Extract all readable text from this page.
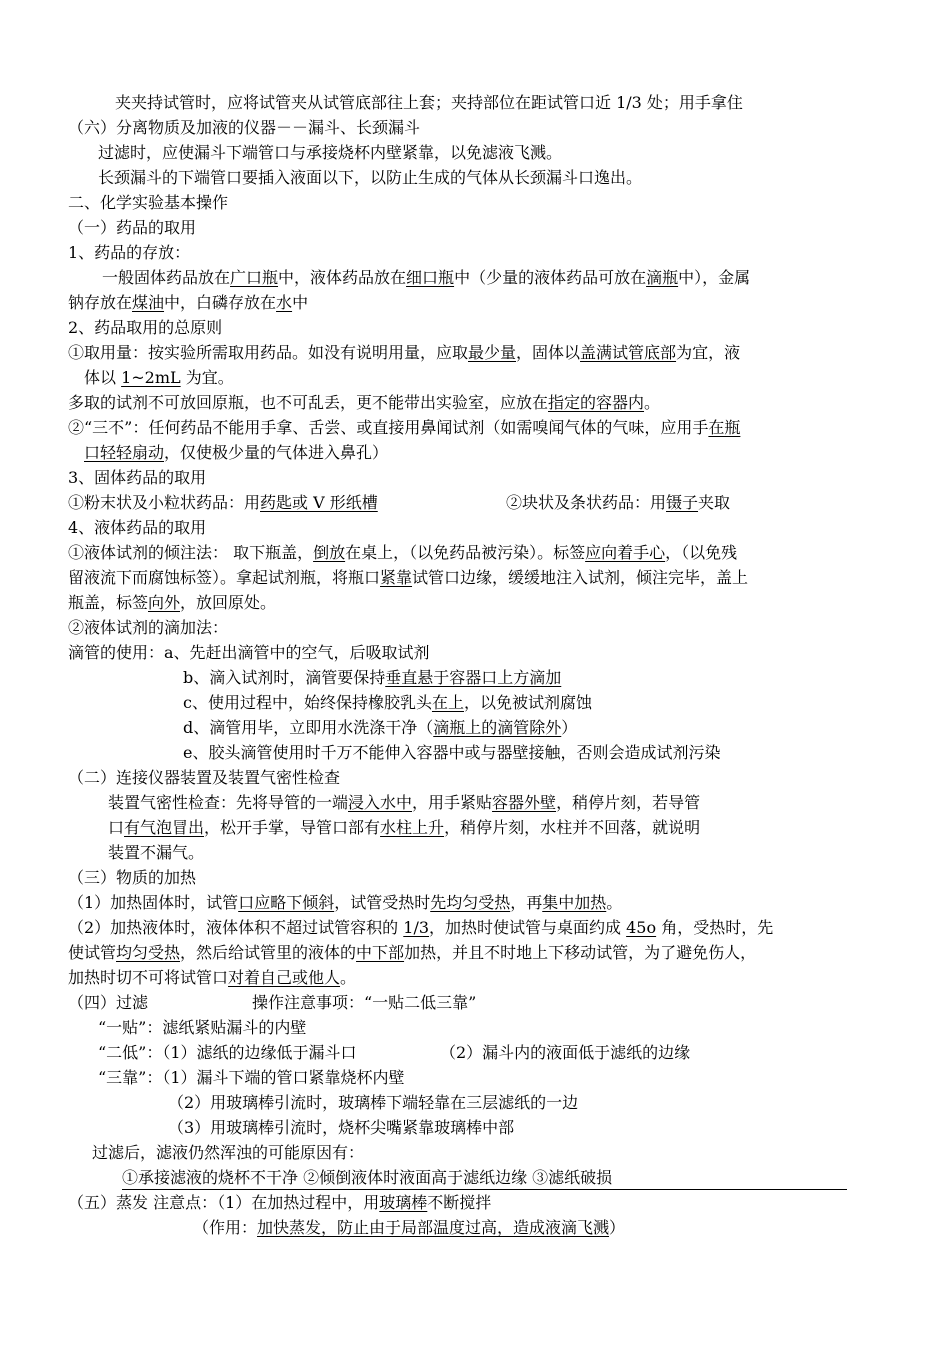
夹夹持试管时，应将试管夹从试管底部往上套；夹持部位在距试管口近 1/3 处；用手拿住
（六）分离物质及加液的仪器－－漏斗、长颈漏斗
过滤时，应使漏斗下端管口与承接烧杯内壁紧靠，以免滤液飞溅。
长颈漏斗的下端管口要插入液面以下，以防止生成的气体从长颈漏斗口逸出。
二、化学实验基本操作
（一）药品的取用
1、药品的存放：
一般固体药品放在广口瓶中，液体药品放在细口瓶中（少量的液体药品可放在滴瓶中），金属
钠存放在煤油中，白磷存放在水中
2、药品取用的总原则
①取用量：按实验所需取用药品。如没有说明用量，应取最少量，固体以盖满试管底部为宜，液
体以 1~2mL 为宜。
多取的试剂不可放回原瓶，也不可乱丢，更不能带出实验室，应放在指定的容器内。
②“三不”：任何药品不能用手拿、舌尝、或直接用鼻闻试剂（如需嗅闻气体的气味，应用手在瓶
口轻轻扇动，仅使极少量的气体进入鼻孔）
3、固体药品的取用
①粉末状及小粒状药品：用药匙或 V 形纸槽	②块状及条状药品：用镊子夹取
4、液体药品的取用
①液体试剂的倾注法： 取下瓶盖，倒放在桌上，（以免药品被污染）。标签应向着手心，（以免残
留液流下而腐蚀标签）。拿起试剂瓶，将瓶口紧靠试管口边缘，缓缓地注入试剂，倾注完毕，盖上
瓶盖，标签向外，放回原处。
②液体试剂的滴加法：
滴管的使用：a、先赶出滴管中的空气，后吸取试剂
b、滴入试剂时，滴管要保持垂直悬于容器口上方滴加
c、使用过程中，始终保持橡胶乳头在上，以免被试剂腐蚀
d、滴管用毕，立即用水洗涤干净（滴瓶上的滴管除外）
e、胶头滴管使用时千万不能伸入容器中或与器壁接触，否则会造成试剂污染
（二）连接仪器装置及装置气密性检查
装置气密性检查：先将导管的一端浸入水中，用手紧贴容器外壁，稍停片刻，若导管
口有气泡冒出，松开手掌，导管口部有水柱上升，稍停片刻，水柱并不回落，就说明
装置不漏气。
（三）物质的加热
（1）加热固体时，试管口应略下倾斜，试管受热时先均匀受热，再集中加热。
（2）加热液体时，液体体积不超过试管容积的 1/3，加热时使试管与桌面约成 45o 角，受热时，先
使试管均匀受热，然后给试管里的液体的中下部加热，并且不时地上下移动试管，为了避免伤人，
加热时切不可将试管口对着自己或他人。
（四）过滤	操作注意事项：“一贴二低三靠”
“一贴”：滤纸紧贴漏斗的内壁
“二低”：（1）滤纸的边缘低于漏斗口	（2）漏斗内的液面低于滤纸的边缘
“三靠”：（1）漏斗下端的管口紧靠烧杯内壁
（2）用玻璃棒引流时，玻璃棒下端轻靠在三层滤纸的一边
（3）用玻璃棒引流时，烧杯尖嘴紧靠玻璃棒中部
过滤后，滤液仍然浑浊的可能原因有：
①承接滤液的烧杯不干净 ②倾倒液体时液面高于滤纸边缘 ③滤纸破损
（五）蒸发 注意点：（1）在加热过程中，用玻璃棒不断搅拌
（作用：加快蒸发，防止由于局部温度过高，造成液滴飞溅）
